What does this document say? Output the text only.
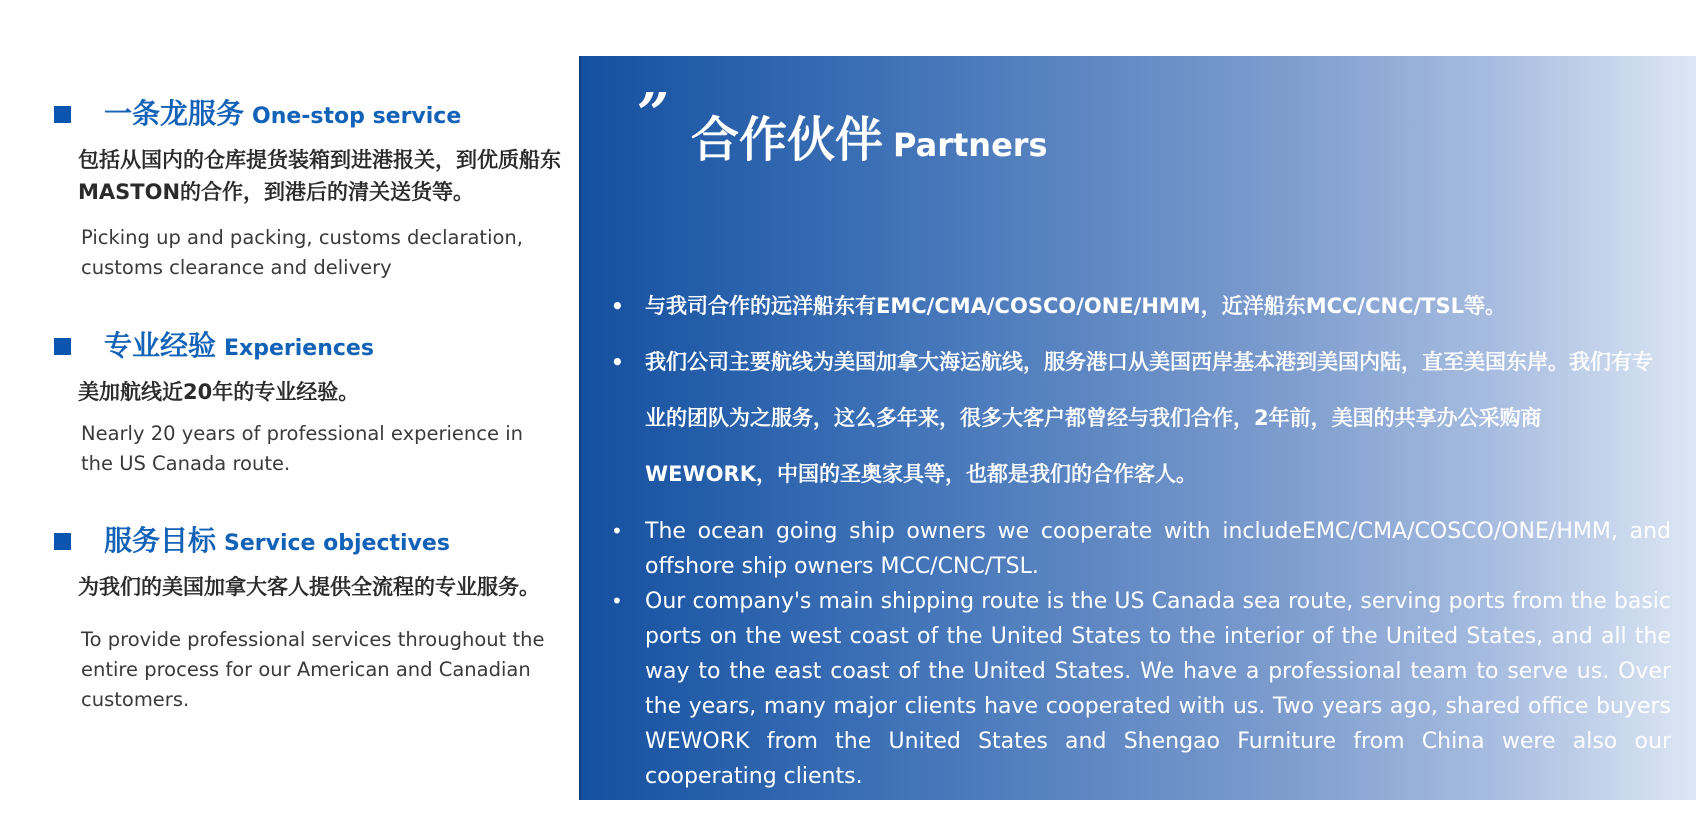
一条龙服务 One-stop service
包括从国内的仓库提货装箱到进港报关，到优质船东MASTON的合作，到港后的清关送货等。
Picking up and packing, customs declaration, customs clearance and delivery
专业经验 Experiences
美加航线近20年的专业经验。
Nearly 20 years of professional experience in the US Canada route.
服务目标 Service objectives
为我们的美国加拿大客人提供全流程的专业服务。
To provide professional services throughout the entire process for our American and Canadian customers.
” 合作伙伴 Partners
• 与我司合作的远洋船东有EMC/CMA/COSCO/ONE/HMM，近洋船东MCC/CNC/TSL等。
• 我们公司主要航线为美国加拿大海运航线，服务港口从美国西岸基本港到美国内陆，直至美国东岸。我们有专业的团队为之服务，这么多年来，很多大客户都曾经与我们合作，2年前，美国的共享办公采购商WEWORK，中国的圣奥家具等，也都是我们的合作客人。
• The ocean going ship owners we cooperate with includeEMC/CMA/COSCO/ONE/HMM, and offshore ship owners MCC/CNC/TSL.
• Our company's main shipping route is the US Canada sea route, serving ports from the basic ports on the west coast of the United States to the interior of the United States, and all the way to the east coast of the United States. We have a professional team to serve us. Over the years, many major clients have cooperated with us. Two years ago, shared office buyers WEWORK from the United States and Shengao Furniture from China were also our cooperating clients.
